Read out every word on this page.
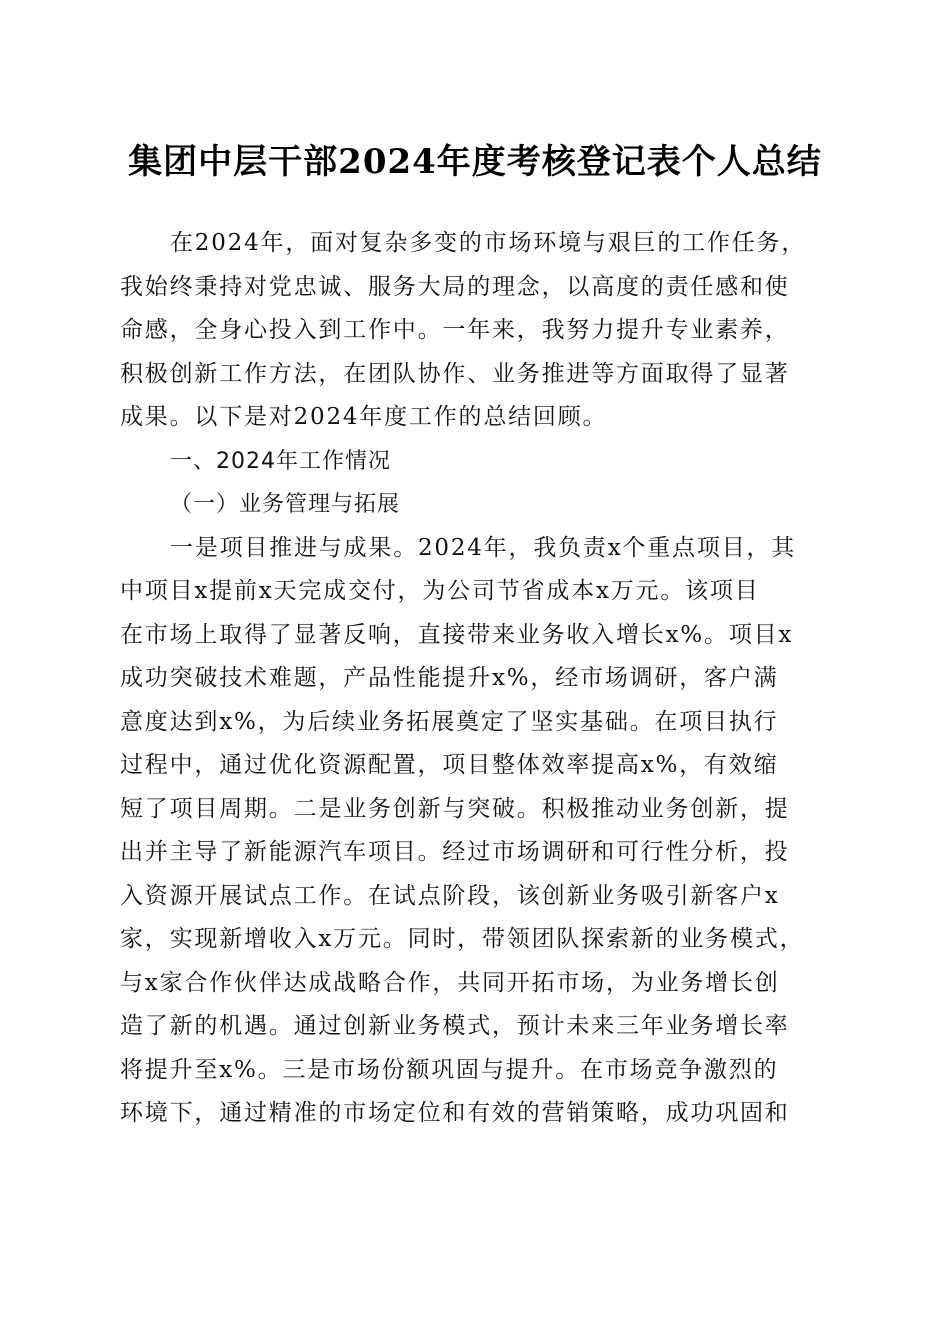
集团中层干部2024年度考核登记表个人总结
在2024年，面对复杂多变的市场环境与艰巨的工作任务，
我始终秉持对党忠诚、服务大局的理念，以高度的责任感和使
命感，全身心投入到工作中。一年来，我努力提升专业素养，
积极创新工作方法，在团队协作、业务推进等方面取得了显著
成果。以下是对2024年度工作的总结回顾。
一、2024年工作情况
（一）业务管理与拓展
一是项目推进与成果。2024年，我负责x个重点项目，其
中项目x提前x天完成交付，为公司节省成本x万元。该项目
在市场上取得了显著反响，直接带来业务收入增长x%。项目x
成功突破技术难题，产品性能提升x%，经市场调研，客户满
意度达到x%，为后续业务拓展奠定了坚实基础。在项目执行
过程中，通过优化资源配置，项目整体效率提高x%，有效缩
短了项目周期。二是业务创新与突破。积极推动业务创新，提
出并主导了新能源汽车项目。经过市场调研和可行性分析，投
入资源开展试点工作。在试点阶段，该创新业务吸引新客户x
家，实现新增收入x万元。同时，带领团队探索新的业务模式，
与x家合作伙伴达成战略合作，共同开拓市场，为业务增长创
造了新的机遇。通过创新业务模式，预计未来三年业务增长率
将提升至x%。三是市场份额巩固与提升。在市场竞争激烈的
环境下，通过精准的市场定位和有效的营销策略，成功巩固和
